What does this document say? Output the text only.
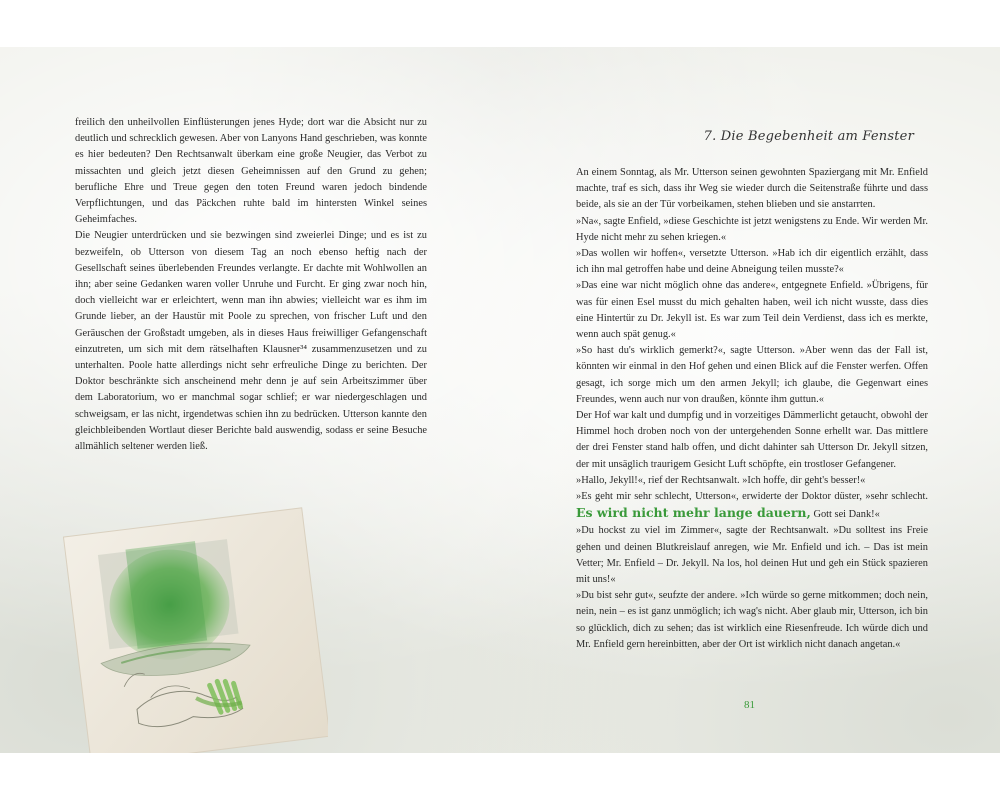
freilich den unheilvollen Einflüsterungen jenes Hyde; dort war die Absicht nur zu deutlich und schrecklich gewesen. Aber von Lanyons Hand geschrieben, was konnte es hier bedeuten? Den Rechtsanwalt überkam eine große Neugier, das Verbot zu missachten und gleich jetzt diesen Geheimnissen auf den Grund zu gehen; berufliche Ehre und Treue gegen den toten Freund waren jedoch bindende Verpflichtungen, und das Päckchen ruhte bald im hintersten Winkel seines Geheimfaches.

Die Neugier unterdrücken und sie bezwingen sind zweierlei Dinge; und es ist zu bezweifeln, ob Utterson von diesem Tag an noch ebenso heftig nach der Gesellschaft seines überlebenden Freundes verlangte. Er dachte mit Wohlwollen an ihn; aber seine Gedanken waren voller Unruhe und Furcht. Er ging zwar noch hin, doch vielleicht war er erleichtert, wenn man ihn abwies; vielleicht war es ihm im Grunde lieber, an der Haustür mit Poole zu sprechen, von frischer Luft und den Geräuschen der Großstadt umgeben, als in dieses Haus freiwilliger Gefangenschaft einzutreten, um sich mit dem rätselhaften Klausner³⁴ zusammenzusetzen und zu unterhalten. Poole hatte allerdings nicht sehr erfreuliche Dinge zu berichten. Der Doktor beschränkte sich anscheinend mehr denn je auf sein Arbeitszimmer über dem Laboratorium, wo er manchmal sogar schlief; er war niedergeschlagen und schweigsam, er las nicht, irgendetwas schien ihn zu bedrücken. Utterson kannte den gleichbleibenden Wortlaut dieser Berichte bald auswendig, sodass er seine Besuche allmählich seltener werden ließ.

7. Die Begebenheit am Fenster

An einem Sonntag, als Mr. Utterson seinen gewohnten Spaziergang mit Mr. Enfield machte, traf es sich, dass ihr Weg sie wieder durch die Seitenstraße führte und dass beide, als sie an der Tür vorbeikamen, stehen blieben und sie anstarrten.

»Na«, sagte Enfield, »diese Geschichte ist jetzt wenigstens zu Ende. Wir werden Mr. Hyde nicht mehr zu sehen kriegen.«

»Das wollen wir hoffen«, versetzte Utterson. »Hab ich dir eigentlich erzählt, dass ich ihn mal getroffen habe und deine Abneigung teilen musste?«

»Das eine war nicht möglich ohne das andere«, entgegnete Enfield. »Übrigens, für was für einen Esel musst du mich gehalten haben, weil ich nicht wusste, dass dies eine Hintertür zu Dr. Jekyll ist. Es war zum Teil dein Verdienst, dass ich es merkte, wenn auch spät genug.«

»So hast du's wirklich gemerkt?«, sagte Utterson. »Aber wenn das der Fall ist, könnten wir einmal in den Hof gehen und einen Blick auf die Fenster werfen. Offen gesagt, ich sorge mich um den armen Jekyll; ich glaube, die Gegenwart eines Freundes, wenn auch nur von draußen, könnte ihm guttun.«

Der Hof war kalt und dumpfig und in vorzeitiges Dämmerlicht getaucht, obwohl der Himmel hoch droben noch von der untergehenden Sonne erhellt war. Das mittlere der drei Fenster stand halb offen, und dicht dahinter sah Utterson Dr. Jekyll sitzen, der mit unsäglich traurigem Gesicht Luft schöpfte, ein trostloser Gefangener.

»Hallo, Jekyll!«, rief der Rechtsanwalt. »Ich hoffe, dir geht's besser!«

»Es geht mir sehr schlecht, Utterson«, erwiderte der Doktor düster, »sehr schlecht. Es wird nicht mehr lange dauern, Gott sei Dank!«

»Du hockst zu viel im Zimmer«, sagte der Rechtsanwalt. »Du solltest ins Freie gehen und deinen Blutkreislauf anregen, wie Mr. Enfield und ich. – Das ist mein Vetter; Mr. Enfield – Dr. Jekyll. Na los, hol deinen Hut und geh ein Stück spazieren mit uns!«

»Du bist sehr gut«, seufzte der andere. »Ich würde so gerne mitkommen; doch nein, nein, nein – es ist ganz unmöglich; ich wag's nicht. Aber glaub mir, Utterson, ich bin so glücklich, dich zu sehen; das ist wirklich eine Riesenfreude. Ich würde dich und Mr. Enfield gern hereinbitten, aber der Ort ist wirklich nicht danach angetan.«

81
